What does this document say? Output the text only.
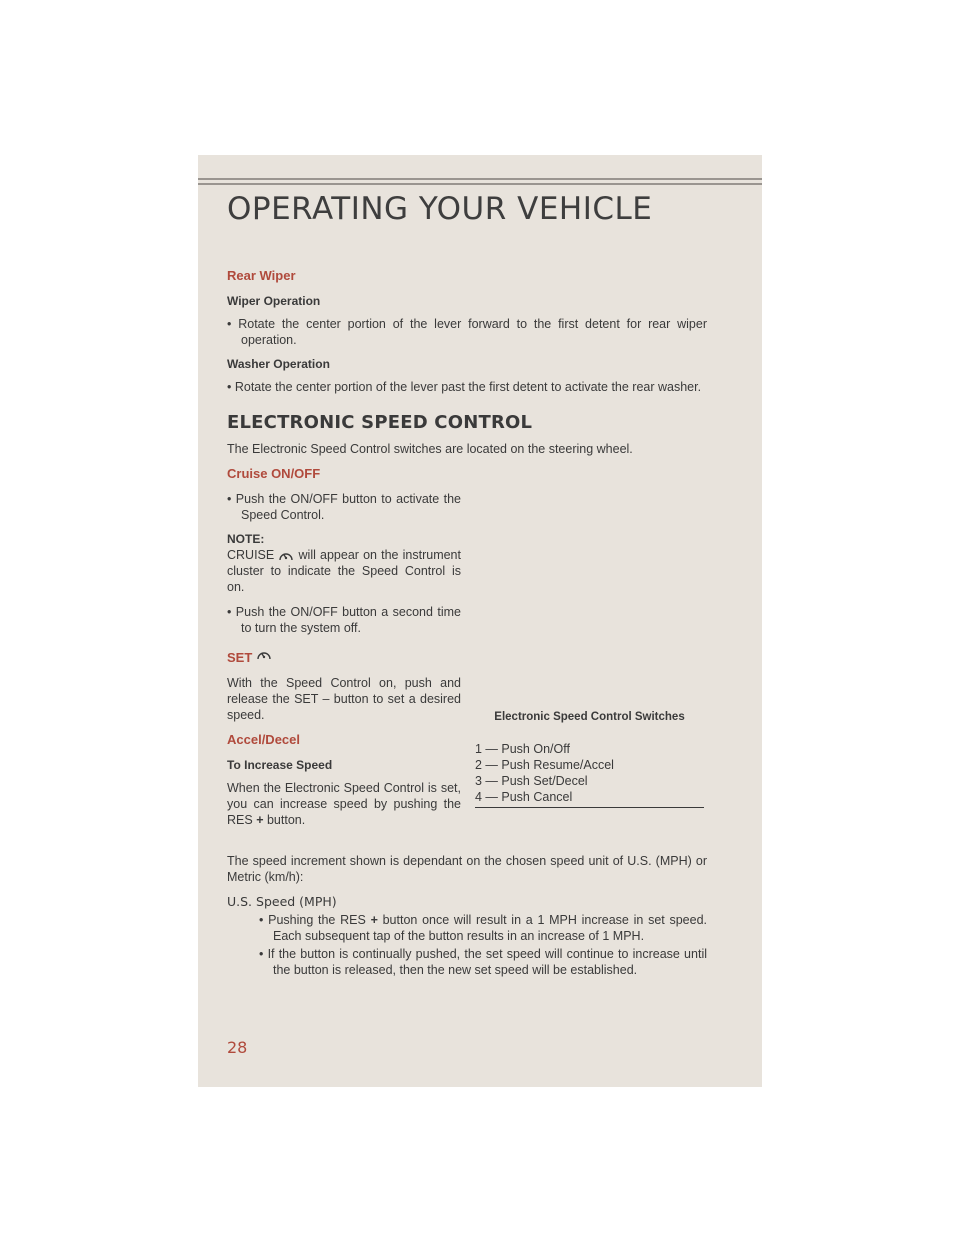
OPERATING YOUR VEHICLE

Rear Wiper

Wiper Operation

• Rotate the center portion of the lever forward to the first detent for rear wiper operation.

Washer Operation

• Rotate the center portion of the lever past the first detent to activate the rear washer.

ELECTRONIC SPEED CONTROL

The Electronic Speed Control switches are located on the steering wheel.

Cruise ON/OFF

• Push the ON/OFF button to activate the Speed Control.

NOTE:

CRUISE will appear on the instrument cluster to indicate the Speed Control is on.

• Push the ON/OFF button a second time to turn the system off.

SET

With the Speed Control on, push and release the SET – button to set a desired speed.

Accel/Decel

To Increase Speed

When the Electronic Speed Control is set, you can increase speed by pushing the RES + button.

Electronic Speed Control Switches

1 — Push On/Off
2 — Push Resume/Accel
3 — Push Set/Decel
4 — Push Cancel

The speed increment shown is dependant on the chosen speed unit of U.S. (MPH) or Metric (km/h):

U.S. Speed (MPH)

• Pushing the RES + button once will result in a 1 MPH increase in set speed. Each subsequent tap of the button results in an increase of 1 MPH.

• If the button is continually pushed, the set speed will continue to increase until the button is released, then the new set speed will be established.

28
